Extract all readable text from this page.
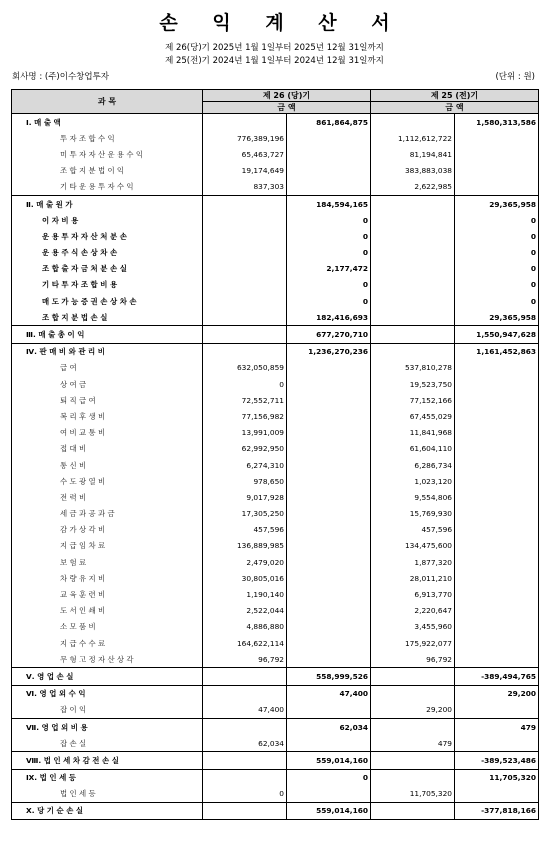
손 익 계 산 서
제 26(당)기 2025년 1월 1일부터 2025년 12월 31일까지
제 25(전)기 2024년 1월 1일부터 2024년 12월 31일까지
회사명 : (주)이수창업투자	(단위 : 원)
과 목	제 26 (당)기		제 25 (전)기	
	금 액		금 액	
Ⅰ. 매 출 액		861,864,875		1,580,313,586
투 자 조 합 수 익	776,389,196		1,112,612,722	
미 투 자 자 산 운 용 수 익	65,463,727		81,194,841	
조 합 지 분 법 이 익	19,174,649		383,883,038	
기 타 운 용 투 자 수 익	837,303		2,622,985	
Ⅱ. 매 출 원 가		184,594,165		29,365,958
이 자 비 용		0		0
운 용 투 자 자 산 처 분 손		0		0
운 용 주 식 손 상 차 손		0		0
조 합 출 자 금 처 분 손 실		2,177,472		0
기 타 투 자 조 합 비 용		0		0
매 도 가 능 증 권 손 상 차 손		0		0
조 합 지 분 법 손 실		182,416,693		29,365,958
Ⅲ. 매 출 총 이 익		677,270,710		1,550,947,628
Ⅳ. 판 매 비 와 관 리 비		1,236,270,236		1,161,452,863
급 여	632,050,859		537,810,278	
상 여 금	0		19,523,750	
퇴 직 급 여	72,552,711		77,152,166	
복 리 후 생 비	77,156,982		67,455,029	
여 비 교 통 비	13,991,009		11,841,968	
접 대 비	62,992,950		61,604,110	
통 신 비	6,274,310		6,286,734	
수 도 광 열 비	978,650		1,023,120	
전 력 비	9,017,928		9,554,806	
세 금 과 공 과 금	17,305,250		15,769,930	
감 가 상 각 비	457,596		457,596	
지 급 임 차 료	136,889,985		134,475,600	
보 험 료	2,479,020		1,877,320	
차 량 유 지 비	30,805,016		28,011,210	
교 육 훈 련 비	1,190,140		6,913,770	
도 서 인 쇄 비	2,522,044		2,220,647	
소 모 품 비	4,886,880		3,455,960	
지 급 수 수 료	164,622,114		175,922,077	
무 형 고 정 자 산 상 각	96,792		96,792	
Ⅴ. 영 업 손 실		558,999,526		-389,494,765
Ⅵ. 영 업 외 수 익		47,400		29,200
잡 이 익	47,400		29,200	
Ⅶ. 영 업 외 비 용		62,034		479
잡 손 실	62,034		479	
Ⅷ. 법 인 세 차 감 전 손 실		559,014,160		-389,523,486
Ⅸ. 법 인 세 등		0		11,705,320
법 인 세 등	0		11,705,320	
Ⅹ. 당 기 순 손 실		559,014,160		-377,818,166
